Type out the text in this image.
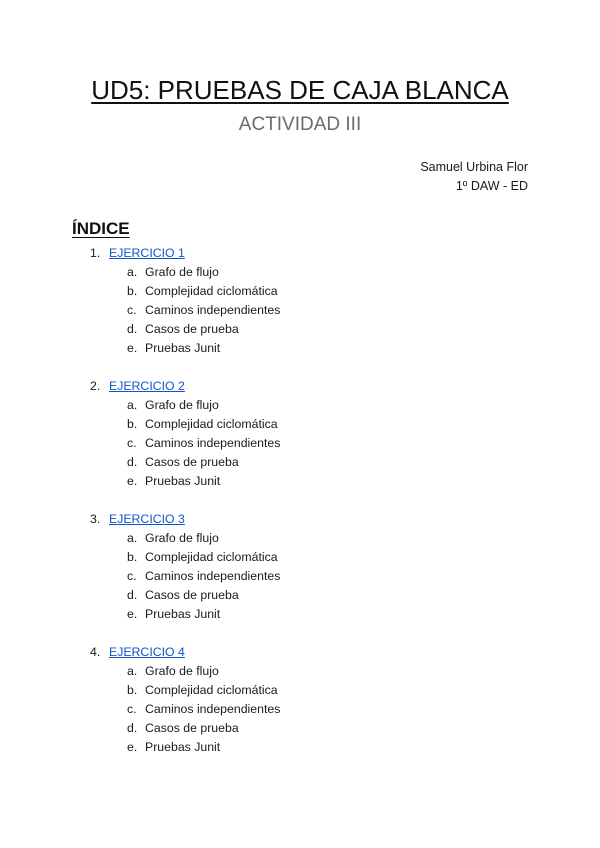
UD5: PRUEBAS DE CAJA BLANCA
ACTIVIDAD III
Samuel Urbina Flor
1º DAW - ED
ÍNDICE
1. EJERCICIO 1
a. Grafo de flujo
b. Complejidad ciclomática
c. Caminos independientes
d. Casos de prueba
e. Pruebas Junit
2. EJERCICIO 2
a. Grafo de flujo
b. Complejidad ciclomática
c. Caminos independientes
d. Casos de prueba
e. Pruebas Junit
3. EJERCICIO 3
a. Grafo de flujo
b. Complejidad ciclomática
c. Caminos independientes
d. Casos de prueba
e. Pruebas Junit
4. EJERCICIO 4
a. Grafo de flujo
b. Complejidad ciclomática
c. Caminos independientes
d. Casos de prueba
e. Pruebas Junit
